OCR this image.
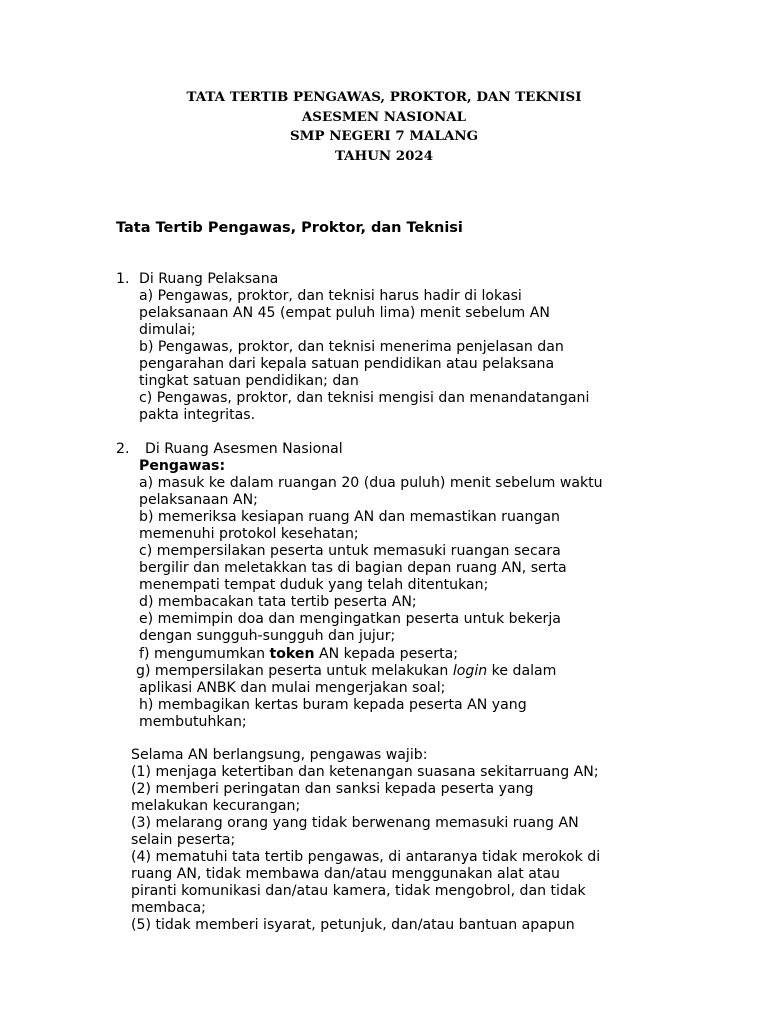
TATA TERTIB PENGAWAS, PROKTOR, DAN TEKNISI
ASESMEN NASIONAL
SMP NEGERI 7 MALANG
TAHUN 2024
Tata Tertib Pengawas, Proktor, dan Teknisi
1. Di Ruang Pelaksana
a) Pengawas, proktor, dan teknisi harus hadir di lokasi
pelaksanaan AN 45 (empat puluh lima) menit sebelum AN
dimulai;
b) Pengawas, proktor, dan teknisi menerima penjelasan dan
pengarahan dari kepala satuan pendidikan atau pelaksana
tingkat satuan pendidikan; dan
c) Pengawas, proktor, dan teknisi mengisi dan menandatangani
pakta integritas.
2. Di Ruang Asesmen Nasional
Pengawas:
a) masuk ke dalam ruangan 20 (dua puluh) menit sebelum waktu
pelaksanaan AN;
b) memeriksa kesiapan ruang AN dan memastikan ruangan
memenuhi protokol kesehatan;
c) mempersilakan peserta untuk memasuki ruangan secara
bergilir dan meletakkan tas di bagian depan ruang AN, serta
menempati tempat duduk yang telah ditentukan;
d) membacakan tata tertib peserta AN;
e) memimpin doa dan mengingatkan peserta untuk bekerja
dengan sungguh-sungguh dan jujur;
f) mengumumkan token AN kepada peserta;
g) mempersilakan peserta untuk melakukan login ke dalam
aplikasi ANBK dan mulai mengerjakan soal;
h) membagikan kertas buram kepada peserta AN yang
membutuhkan;
Selama AN berlangsung, pengawas wajib:
(1) menjaga ketertiban dan ketenangan suasana sekitarruang AN;
(2) memberi peringatan dan sanksi kepada peserta yang
melakukan kecurangan;
(3) melarang orang yang tidak berwenang memasuki ruang AN
selain peserta;
(4) mematuhi tata tertib pengawas, di antaranya tidak merokok di
ruang AN, tidak membawa dan/atau menggunakan alat atau
piranti komunikasi dan/atau kamera, tidak mengobrol, dan tidak
membaca;
(5) tidak memberi isyarat, petunjuk, dan/atau bantuan apapun
